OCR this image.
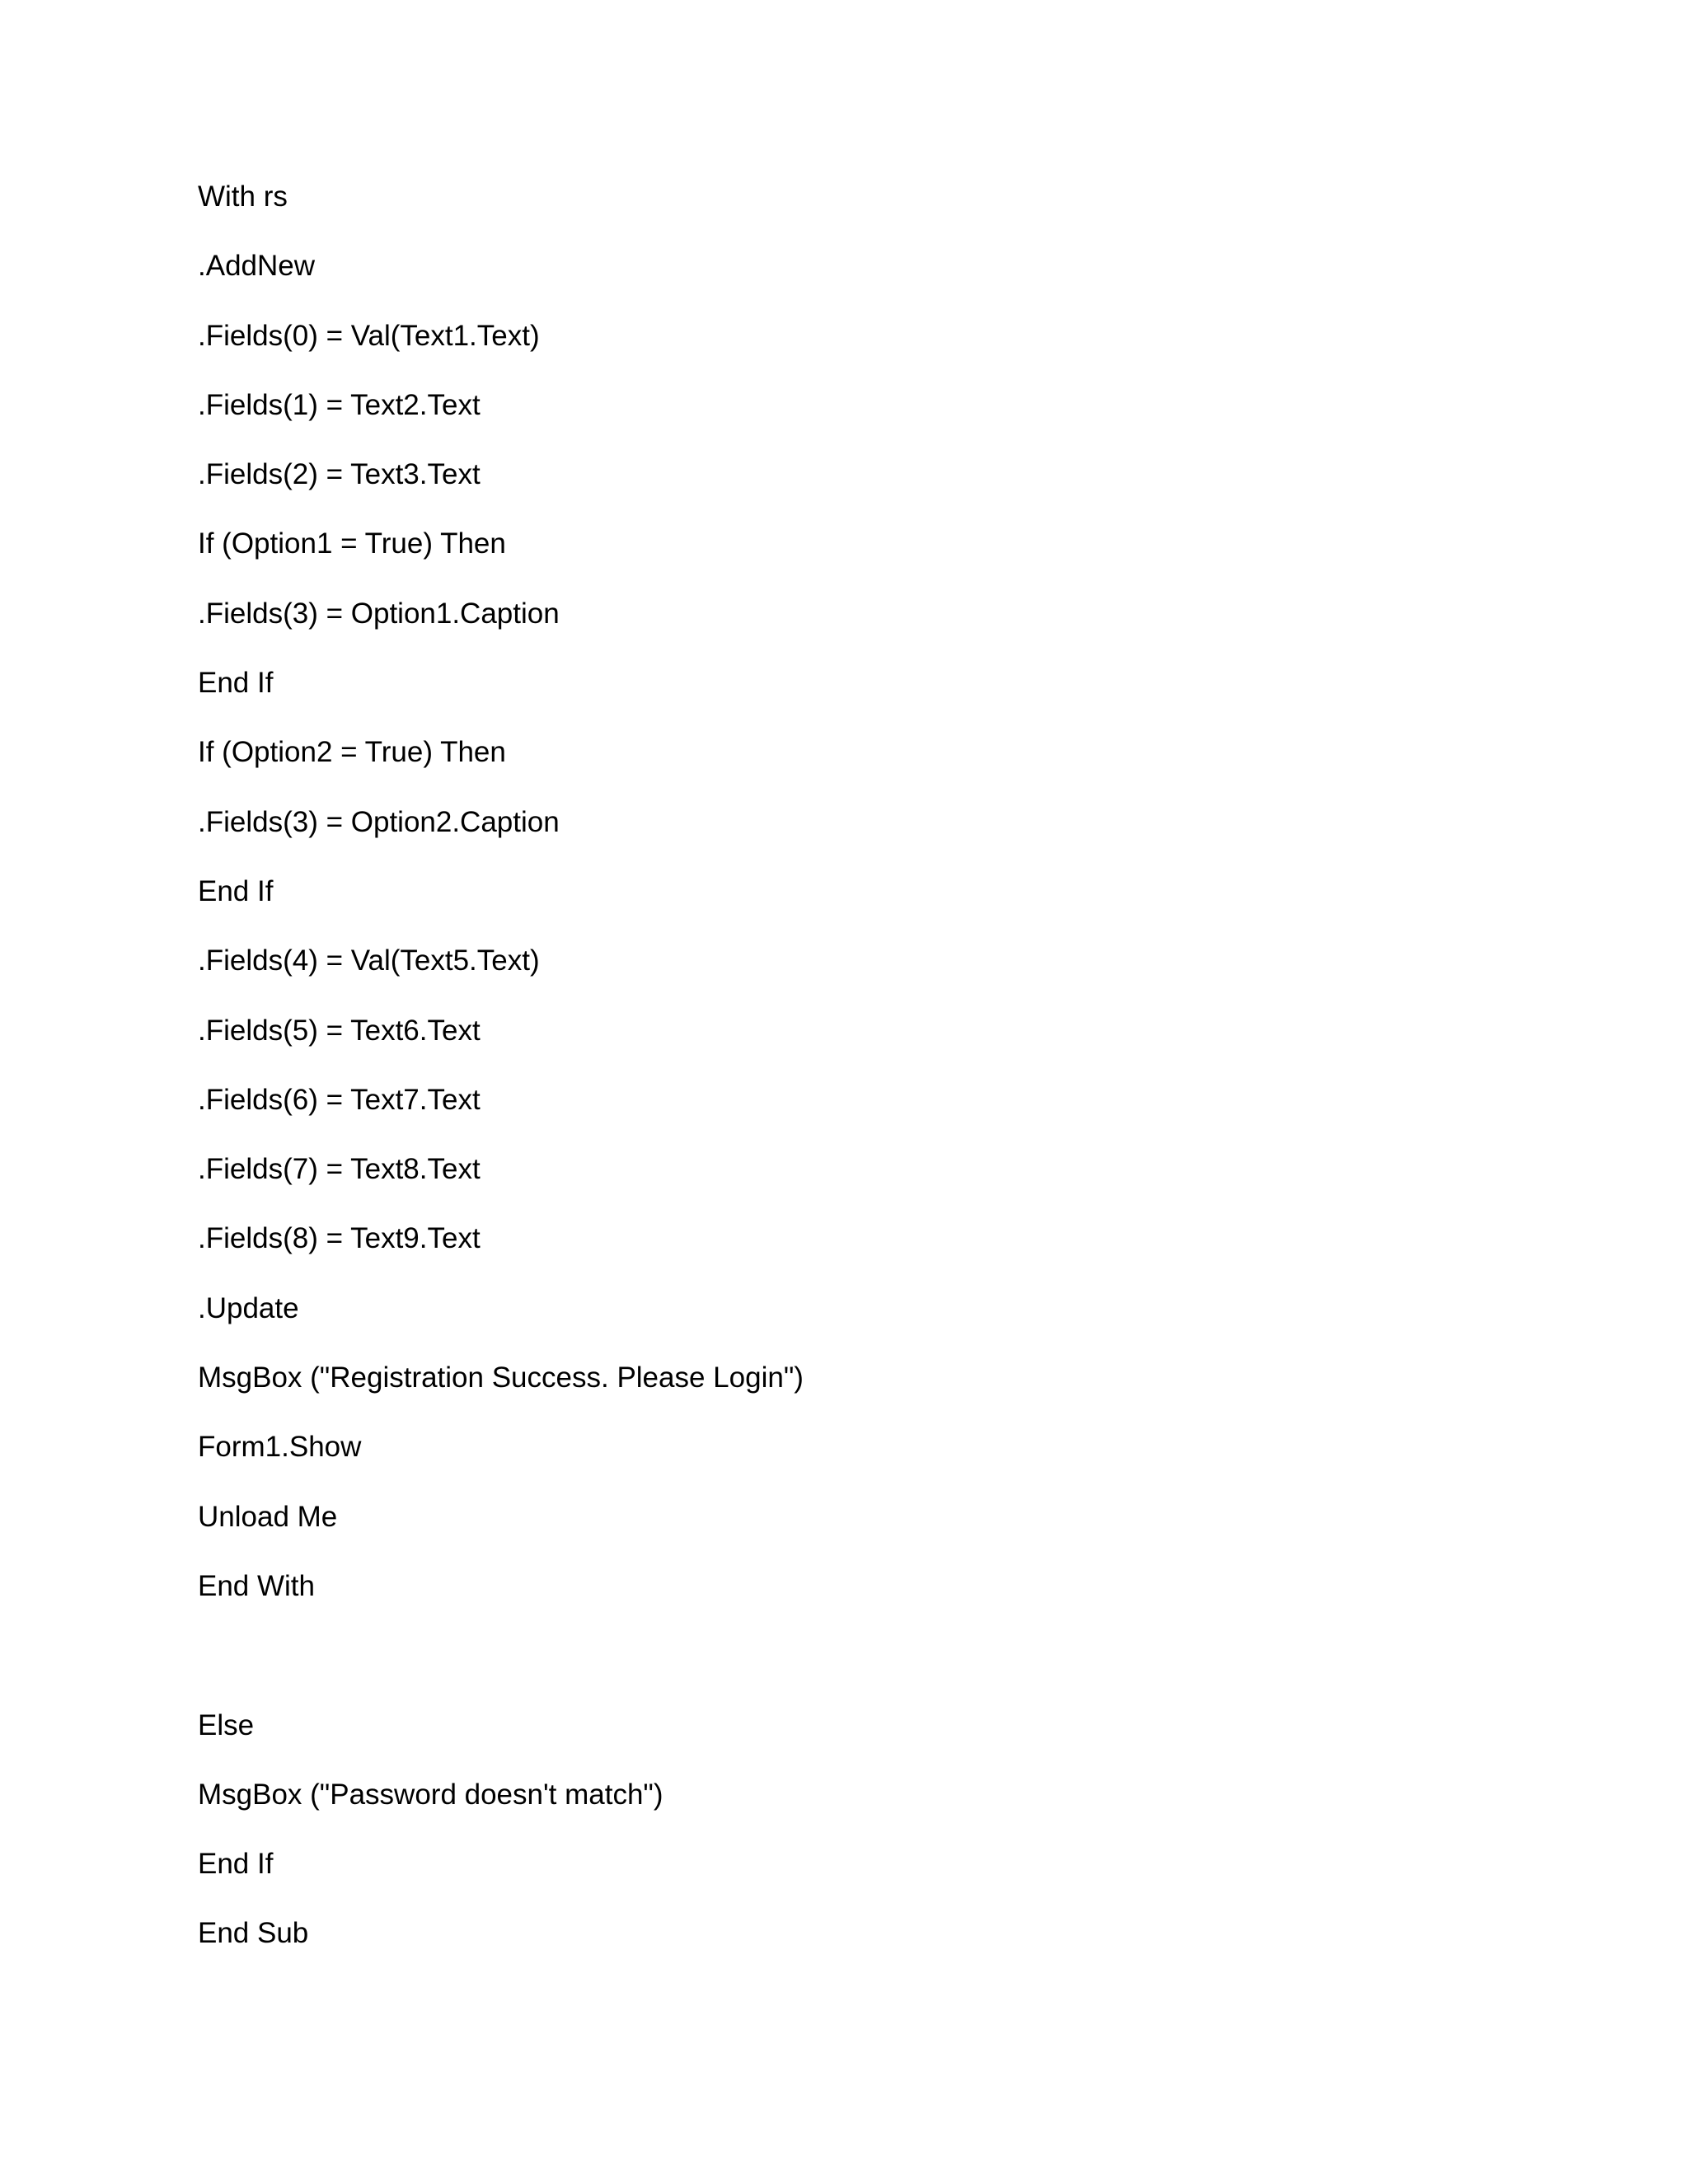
With rs
.AddNew
.Fields(0) = Val(Text1.Text)
.Fields(1) = Text2.Text
.Fields(2) = Text3.Text
If (Option1 = True) Then
.Fields(3) = Option1.Caption
End If
If (Option2 = True) Then
.Fields(3) = Option2.Caption
End If
.Fields(4) = Val(Text5.Text)
.Fields(5) = Text6.Text
.Fields(6) = Text7.Text
.Fields(7) = Text8.Text
.Fields(8) = Text9.Text
.Update
MsgBox ("Registration Success. Please Login")
Form1.Show
Unload Me
End With
Else
MsgBox ("Password doesn't match")
End If
End Sub
